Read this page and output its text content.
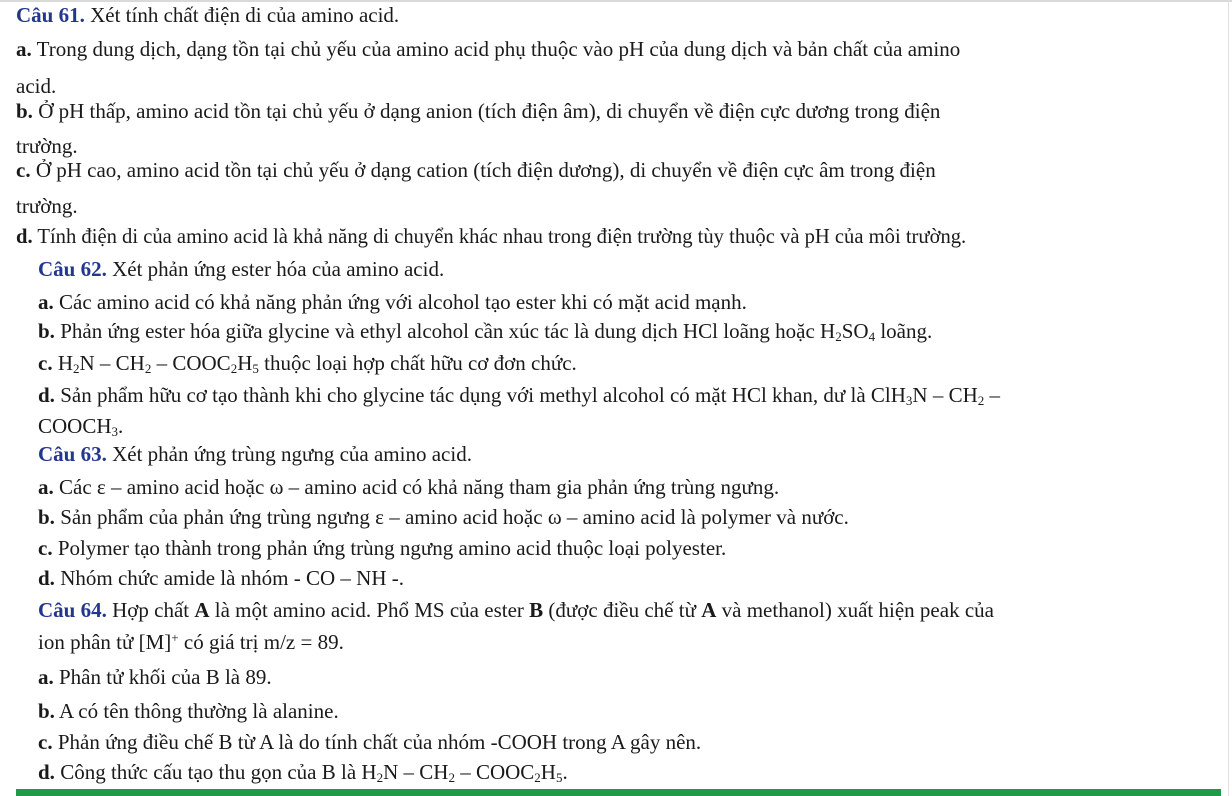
Câu 61. Xét tính chất điện di của amino acid.
a. Trong dung dịch, dạng tồn tại chủ yếu của amino acid phụ thuộc vào pH của dung dịch và bản chất của amino
acid.
b. Ở pH thấp, amino acid tồn tại chủ yếu ở dạng anion (tích điện âm), di chuyển về điện cực dương trong điện
trường.
c. Ở pH cao, amino acid tồn tại chủ yếu ở dạng cation (tích điện dương), di chuyển về điện cực âm trong điện
trường.
d. Tính điện di của amino acid là khả năng di chuyển khác nhau trong điện trường tùy thuộc và pH của môi trường.
Câu 62. Xét phản ứng ester hóa của amino acid.
a. Các amino acid có khả năng phản ứng với alcohol tạo ester khi có mặt acid mạnh.
b. Phản ứng ester hóa giữa glycine và ethyl alcohol cần xúc tác là dung dịch HCl loãng hoặc $H_2SO_4$ loãng.
c. $H_2N - CH_2$ – $COOC_2H_5$ thuộc loại hợp chất hữu cơ đơn chức.
d. Sản phẩm hữu cơ tạo thành khi cho glycine tác dụng với methyl alcohol có mặt HCl khan, dư là $ClH_3N - CH_2$ –
$COOCH_3$.
Câu 63. Xét phản ứng trùng ngưng của amino acid.
a. Các ε – amino acid hoặc ω – amino acid có khả năng tham gia phản ứng trùng ngưng.
b. Sản phẩm của phản ứng trùng ngưng ε – amino acid hoặc ω – amino acid là polymer và nước.
c. Polymer tạo thành trong phản ứng trùng ngưng amino acid thuộc loại polyester.
d. Nhóm chức amide là nhóm - CO – NH -.
Câu 64. Hợp chất A là một amino acid. Phổ MS của ester B (được điều chế từ A và methanol) xuất hiện peak của
ion phân tử [M]+ có giá trị m/z = 89.
a. Phân tử khối của B là 89.
b. A có tên thông thường là alanine.
c. Phản ứng điều chế B từ A là do tính chất của nhóm -COOH trong A gây nên.
d. Công thức cấu tạo thu gọn của B là $H_2N - CH_2$ – $COOC_2H_5$.
